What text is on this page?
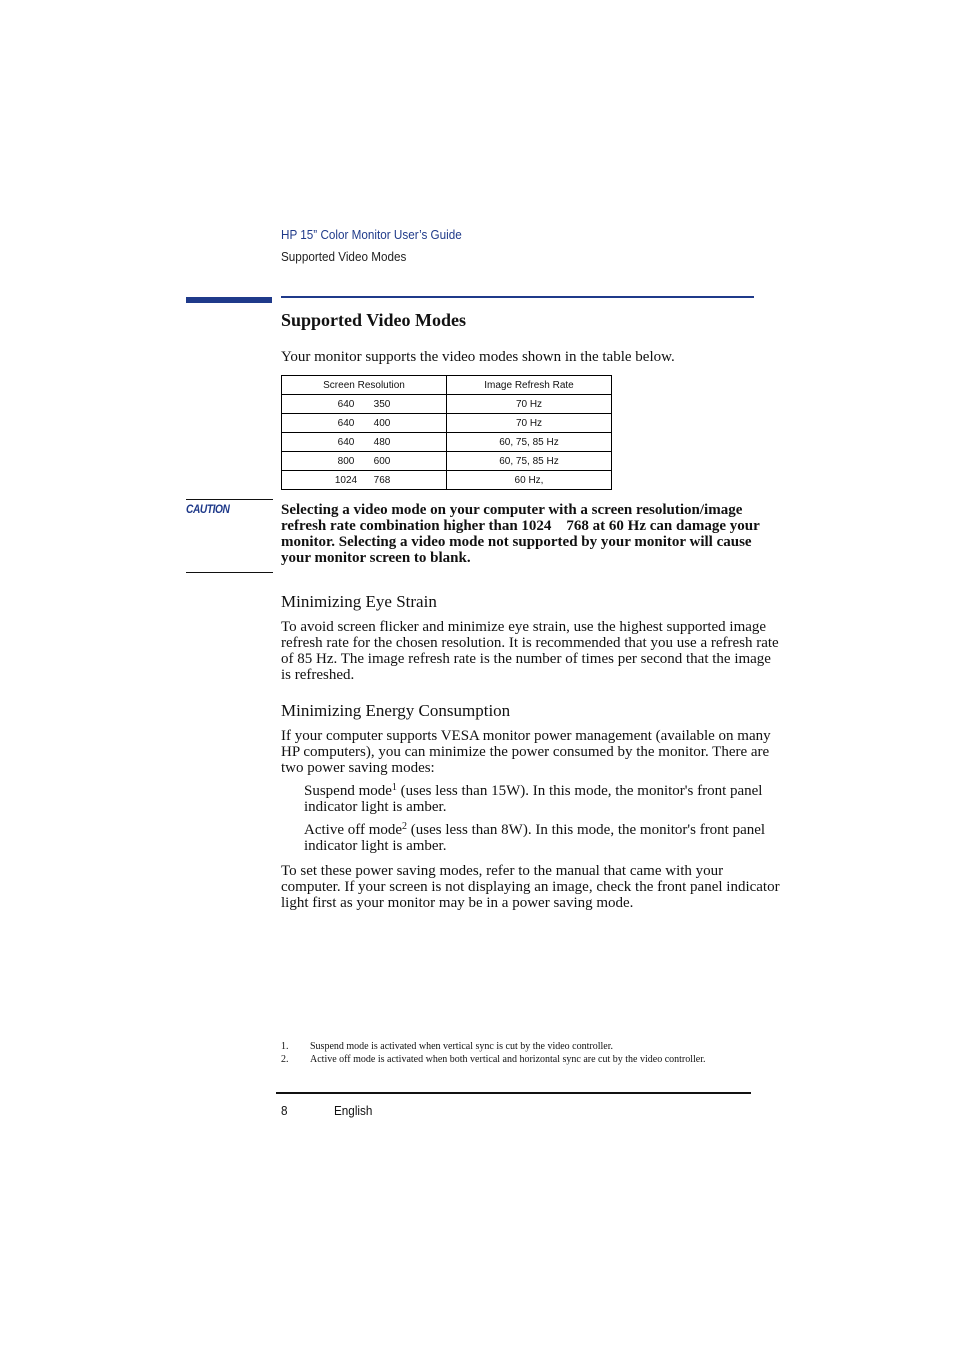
HP 15” Color Monitor User’s Guide
Supported Video Modes
Supported Video Modes
Your monitor supports the video modes shown in the table below.
Screen Resolution	Image Refresh Rate
640 350	70 Hz
640 400	70 Hz
640 480	60, 75, 85 Hz
800 600	60, 75, 85 Hz
1024 768	60 Hz,
CAUTION	Selecting a video mode on your computer with a screen resolution/image refresh rate combination higher than 1024    768 at 60 Hz can damage your monitor. Selecting a video mode not supported by your monitor will cause your monitor screen to blank.
Minimizing Eye Strain
To avoid screen flicker and minimize eye strain, use the highest supported image refresh rate for the chosen resolution. It is recommended that you use a refresh rate of 85 Hz. The image refresh rate is the number of times per second that the image is refreshed.
Minimizing Energy Consumption
If your computer supports VESA monitor power management (available on many HP computers), you can minimize the power consumed by the monitor. There are two power saving modes:
Suspend mode$^1$ (uses less than 15W). In this mode, the monitor's front panel indicator light is amber.
Active off mode$^2$ (uses less than 8W). In this mode, the monitor's front panel indicator light is amber.
To set these power saving modes, refer to the manual that came with your computer. If your screen is not displaying an image, check the front panel indicator light first as your monitor may be in a power saving mode.
1. Suspend mode is activated when vertical sync is cut by the video controller.
2.	Active off mode is activated when both vertical and horizontal sync are cut by the video controller.
8	English
